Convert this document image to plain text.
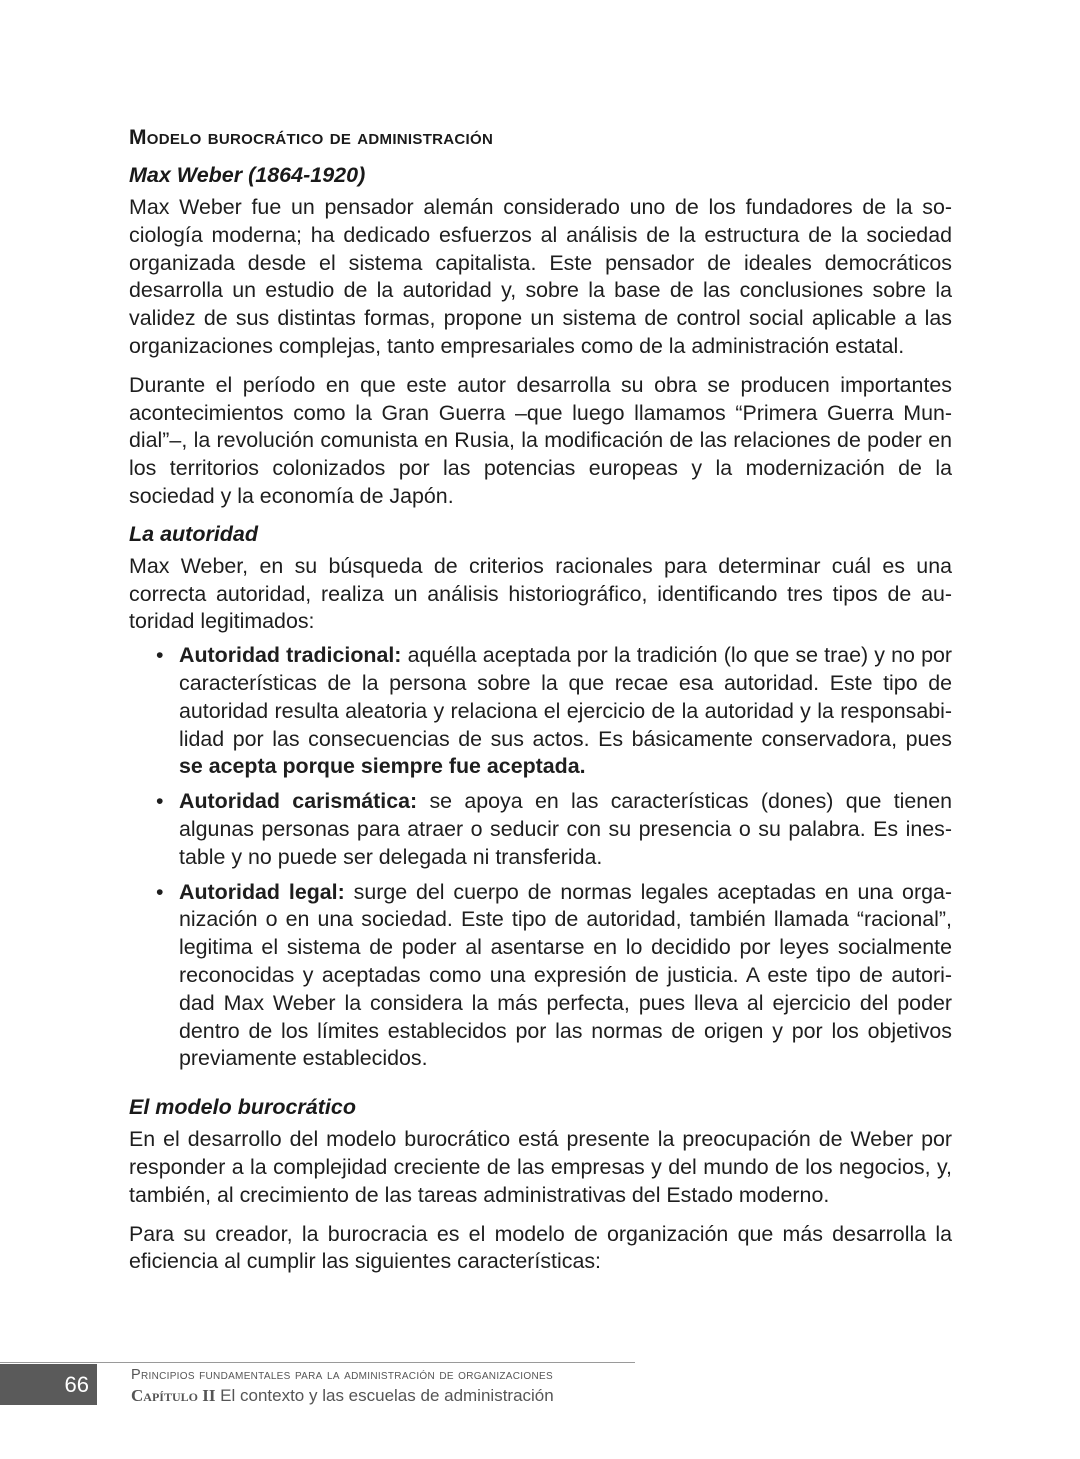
Modelo burocrático de administración
Max Weber (1864-1920)

Max Weber fue un pensador alemán considerado uno de los fundadores de la so-ciología moderna; ha dedicado esfuerzos al análisis de la estructura de la sociedad organizada desde el sistema capitalista. Este pensador de ideales democráticos desarrolla un estudio de la autoridad y, sobre la base de las conclusiones sobre la validez de sus distintas formas, propone un sistema de control social aplicable a las organizaciones complejas, tanto empresariales como de la administración estatal.

Durante el período en que este autor desarrolla su obra se producen importantes acontecimientos como la Gran Guerra –que luego llamamos “Primera Guerra Mun-dial”–, la revolución comunista en Rusia, la modificación de las relaciones de poder en los territorios colonizados por las potencias europeas y la modernización de la sociedad y la economía de Japón.

La autoridad

Max Weber, en su búsqueda de criterios racionales para determinar cuál es una correcta autoridad, realiza un análisis historiográfico, identificando tres tipos de au-toridad legitimados:

• Autoridad tradicional: aquélla aceptada por la tradición (lo que se trae) y no por características de la persona sobre la que recae esa autoridad. Este tipo de autoridad resulta aleatoria y relaciona el ejercicio de la autoridad y la responsabi-lidad por las consecuencias de sus actos. Es básicamente conservadora, pues se acepta porque siempre fue aceptada.
• Autoridad carismática: se apoya en las características (dones) que tienen algunas personas para atraer o seducir con su presencia o su palabra. Es ines-table y no puede ser delegada ni transferida.
• Autoridad legal: surge del cuerpo de normas legales aceptadas en una orga-nización o en una sociedad. Este tipo de autoridad, también llamada “racional”, legitima el sistema de poder al asentarse en lo decidido por leyes socialmente reconocidas y aceptadas como una expresión de justicia. A este tipo de autori-dad Max Weber la considera la más perfecta, pues lleva al ejercicio del poder dentro de los límites establecidos por las normas de origen y por los objetivos previamente establecidos.
El modelo burocrático

En el desarrollo del modelo burocrático está presente la preocupación de Weber por responder a la complejidad creciente de las empresas y del mundo de los negocios, y, también, al crecimiento de las tareas administrativas del Estado moderno.

Para su creador, la burocracia es el modelo de organización que más desarrolla la eficiencia al cumplir las siguientes características:

66	Principios fundamentales para la administración de organizaciones
Capítulo II El contexto y las escuelas de administración
